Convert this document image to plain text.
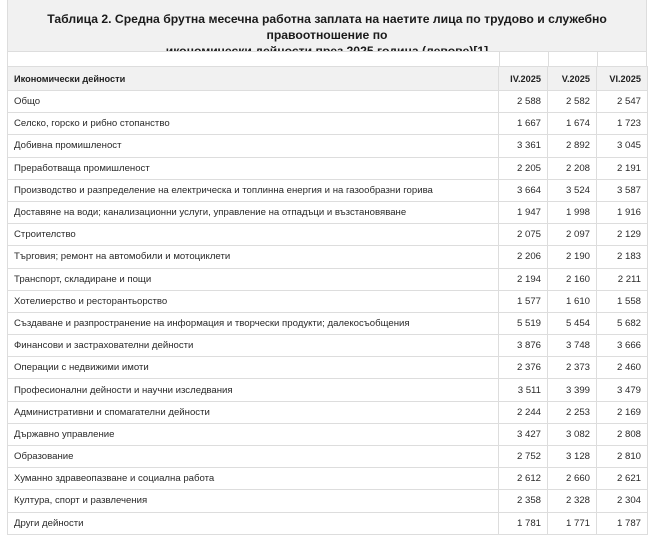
Таблица 2. Средна брутна месечна работна заплата на наетите лица по трудово и служебно правоотношение по
Икономически дейности	IV.2025	V.2025	VI.2025
Общо	2 588	2 582	2 547
Селско, горско и рибно стопанство	1 667	1 674	1 723
Добивна промишленост	3 361	2 892	3 045
Преработваща промишленост	2 205	2 208	2 191
Производство и разпределение на електрическа и топлинна енергия и на газообразни горива	3 664	3 524	3 587
Доставяне на води; канализационни услуги, управление на отпадъци и възстановяване	1 947	1 998	1 916
Строителство	2 075	2 097	2 129
Търговия; ремонт на автомобили и мотоциклети	2 206	2 190	2 183
Транспорт, складиране и пощи	2 194	2 160	2 211
Хотелиерство и ресторантьорство	1 577	1 610	1 558
Създаване и разпространение на информация и творчески продукти; далекосъобщения	5 519	5 454	5 682
Финансови и застрахователни дейности	3 876	3 748	3 666
Операции с недвижими имоти	2 376	2 373	2 460
Професионални дейности и научни изследвания	3 511	3 399	3 479
Административни и спомагателни дейности	2 244	2 253	2 169
Държавно управление	3 427	3 082	2 808
Образование	2 752	3 128	2 810
Хуманно здравеопазване и социална работа	2 612	2 660	2 621
Култура, спорт и развлечения	2 358	2 328	2 304
Други дейности	1 781	1 771	1 787
